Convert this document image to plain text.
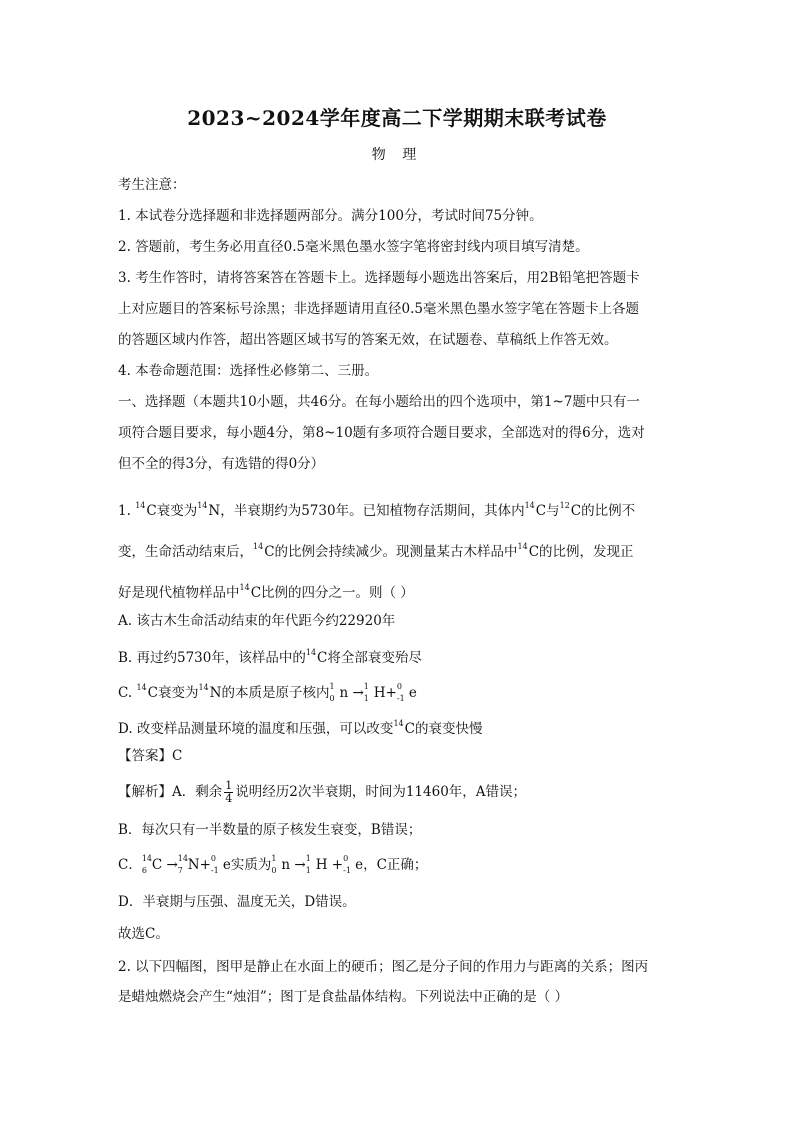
2023~2024学年度高二下学期期末联考试卷
物 理
考生注意：
1. 本试卷分选择题和非选择题两部分。满分100分，考试时间75分钟。
2. 答题前，考生务必用直径0.5毫米黑色墨水签字笔将密封线内项目填写清楚。
3. 考生作答时，请将答案答在答题卡上。选择题每小题选出答案后，用2B铅笔把答题卡
上对应题目的答案标号涂黑；非选择题请用直径0.5毫米黑色墨水签字笔在答题卡上各题
的答题区域内作答，超出答题区域书写的答案无效，在试题卷、草稿纸上作答无效。
4. 本卷命题范围：选择性必修第二、三册。
一、选择题（本题共10小题，共46分。在每小题给出的四个选项中，第1~7题中只有一
项符合题目要求，每小题4分，第8~10题有多项符合题目要求，全部选对的得6分，选对
但不全的得3分，有选错的得0分）
1. $^{14}$C衰变为$^{14}$N，半衰期约为5730年。已知植物存活期间，其体内$^{14}$C与$^{12}$C的比例不
变，生命活动结束后，$^{14}$C的比例会持续减少。现测量某古木样品中$^{14}$C的比例，发现正
好是现代植物样品中$^{14}$C比例的四分之一。则（ ）
A. 该古木生命活动结束的年代距今约22920年
B. 再过约5730年，该样品中的$^{14}$C将全部衰变殆尽
C. $^{14}$C衰变为$^{14}$N的本质是原子核内 1
0 n → 1
1 H+ 0
-1 e
D. 改变样品测量环境的温度和压强，可以改变$^{14}$C的衰变快慢
【答案】C
【解析】A．剩余 $\frac{1}{4}$ 说明经历2次半衰期，时间为11460年，A错误；
B．每次只有一半数量的原子核发生衰变，B错误；
C． 14
6 C → 14
7 N+ 0
-1 e实质为 1
0 n → 1
1 H + 0
-1 e，C正确；
D．半衰期与压强、温度无关，D错误。
故选C。
2. 以下四幅图，图甲是静止在水面上的硬币；图乙是分子间的作用力与距离的关系；图丙
是蜡烛燃烧会产生“烛泪”；图丁是食盐晶体结构。下列说法中正确的是（ ）
